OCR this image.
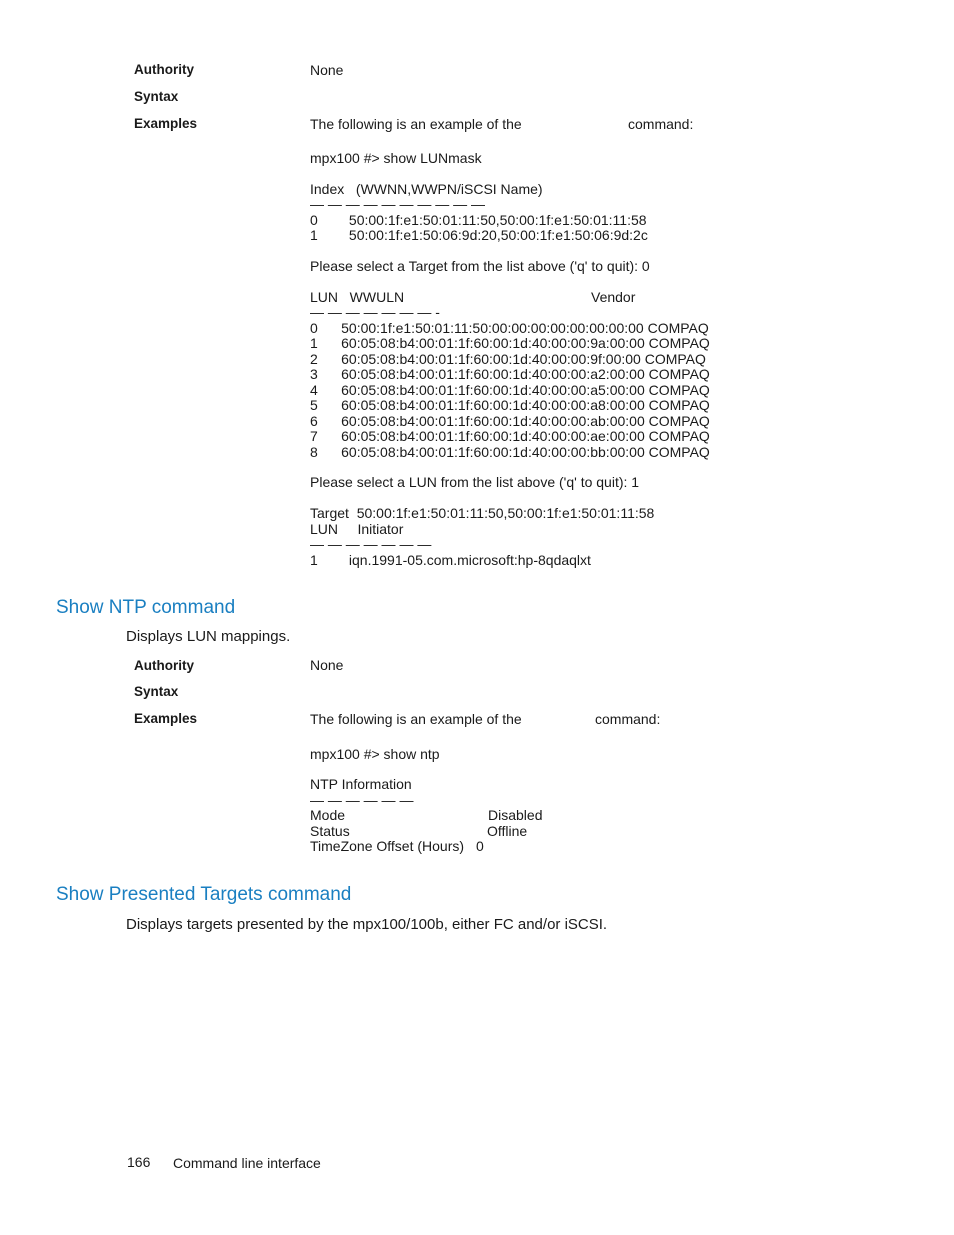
Authority	None
Syntax
Examples	The following is an example of the	command:
mpx100 #> show LUNmask
Index   (WWNN,WWPN/iSCSI Name)
— — — — — — — — — —
0        50:00:1f:e1:50:01:11:50,50:00:1f:e1:50:01:11:58
1        50:00:1f:e1:50:06:9d:20,50:00:1f:e1:50:06:9d:2c
Please select a Target from the list above ('q' to quit): 0
LUN   WWULN	Vendor
— — — — — — — -
0      50:00:1f:e1:50:01:11:50:00:00:00:00:00:00:00:00 COMPAQ
1      60:05:08:b4:00:01:1f:60:00:1d:40:00:00:9a:00:00 COMPAQ
2      60:05:08:b4:00:01:1f:60:00:1d:40:00:00:9f:00:00 COMPAQ
3      60:05:08:b4:00:01:1f:60:00:1d:40:00:00:a2:00:00 COMPAQ
4      60:05:08:b4:00:01:1f:60:00:1d:40:00:00:a5:00:00 COMPAQ
5      60:05:08:b4:00:01:1f:60:00:1d:40:00:00:a8:00:00 COMPAQ
6      60:05:08:b4:00:01:1f:60:00:1d:40:00:00:ab:00:00 COMPAQ
7      60:05:08:b4:00:01:1f:60:00:1d:40:00:00:ae:00:00 COMPAQ
8      60:05:08:b4:00:01:1f:60:00:1d:40:00:00:bb:00:00 COMPAQ
Please select a LUN from the list above ('q' to quit): 1
Target  50:00:1f:e1:50:01:11:50,50:00:1f:e1:50:01:11:58
LUN     Initiator
— — — — — — —
1        iqn.1991-05.com.microsoft:hp-8qdaqlxt
Show NTP command
Displays LUN mappings.
Authority	None
Syntax
Examples	The following is an example of the	command:
mpx100 #> show ntp
NTP Information
— — — — — —
Mode	Disabled
Status	Offline
TimeZone Offset (Hours) 0
Show Presented Targets command
Displays targets presented by the mpx100/100b, either FC and/or iSCSI.
166 Command line interface
